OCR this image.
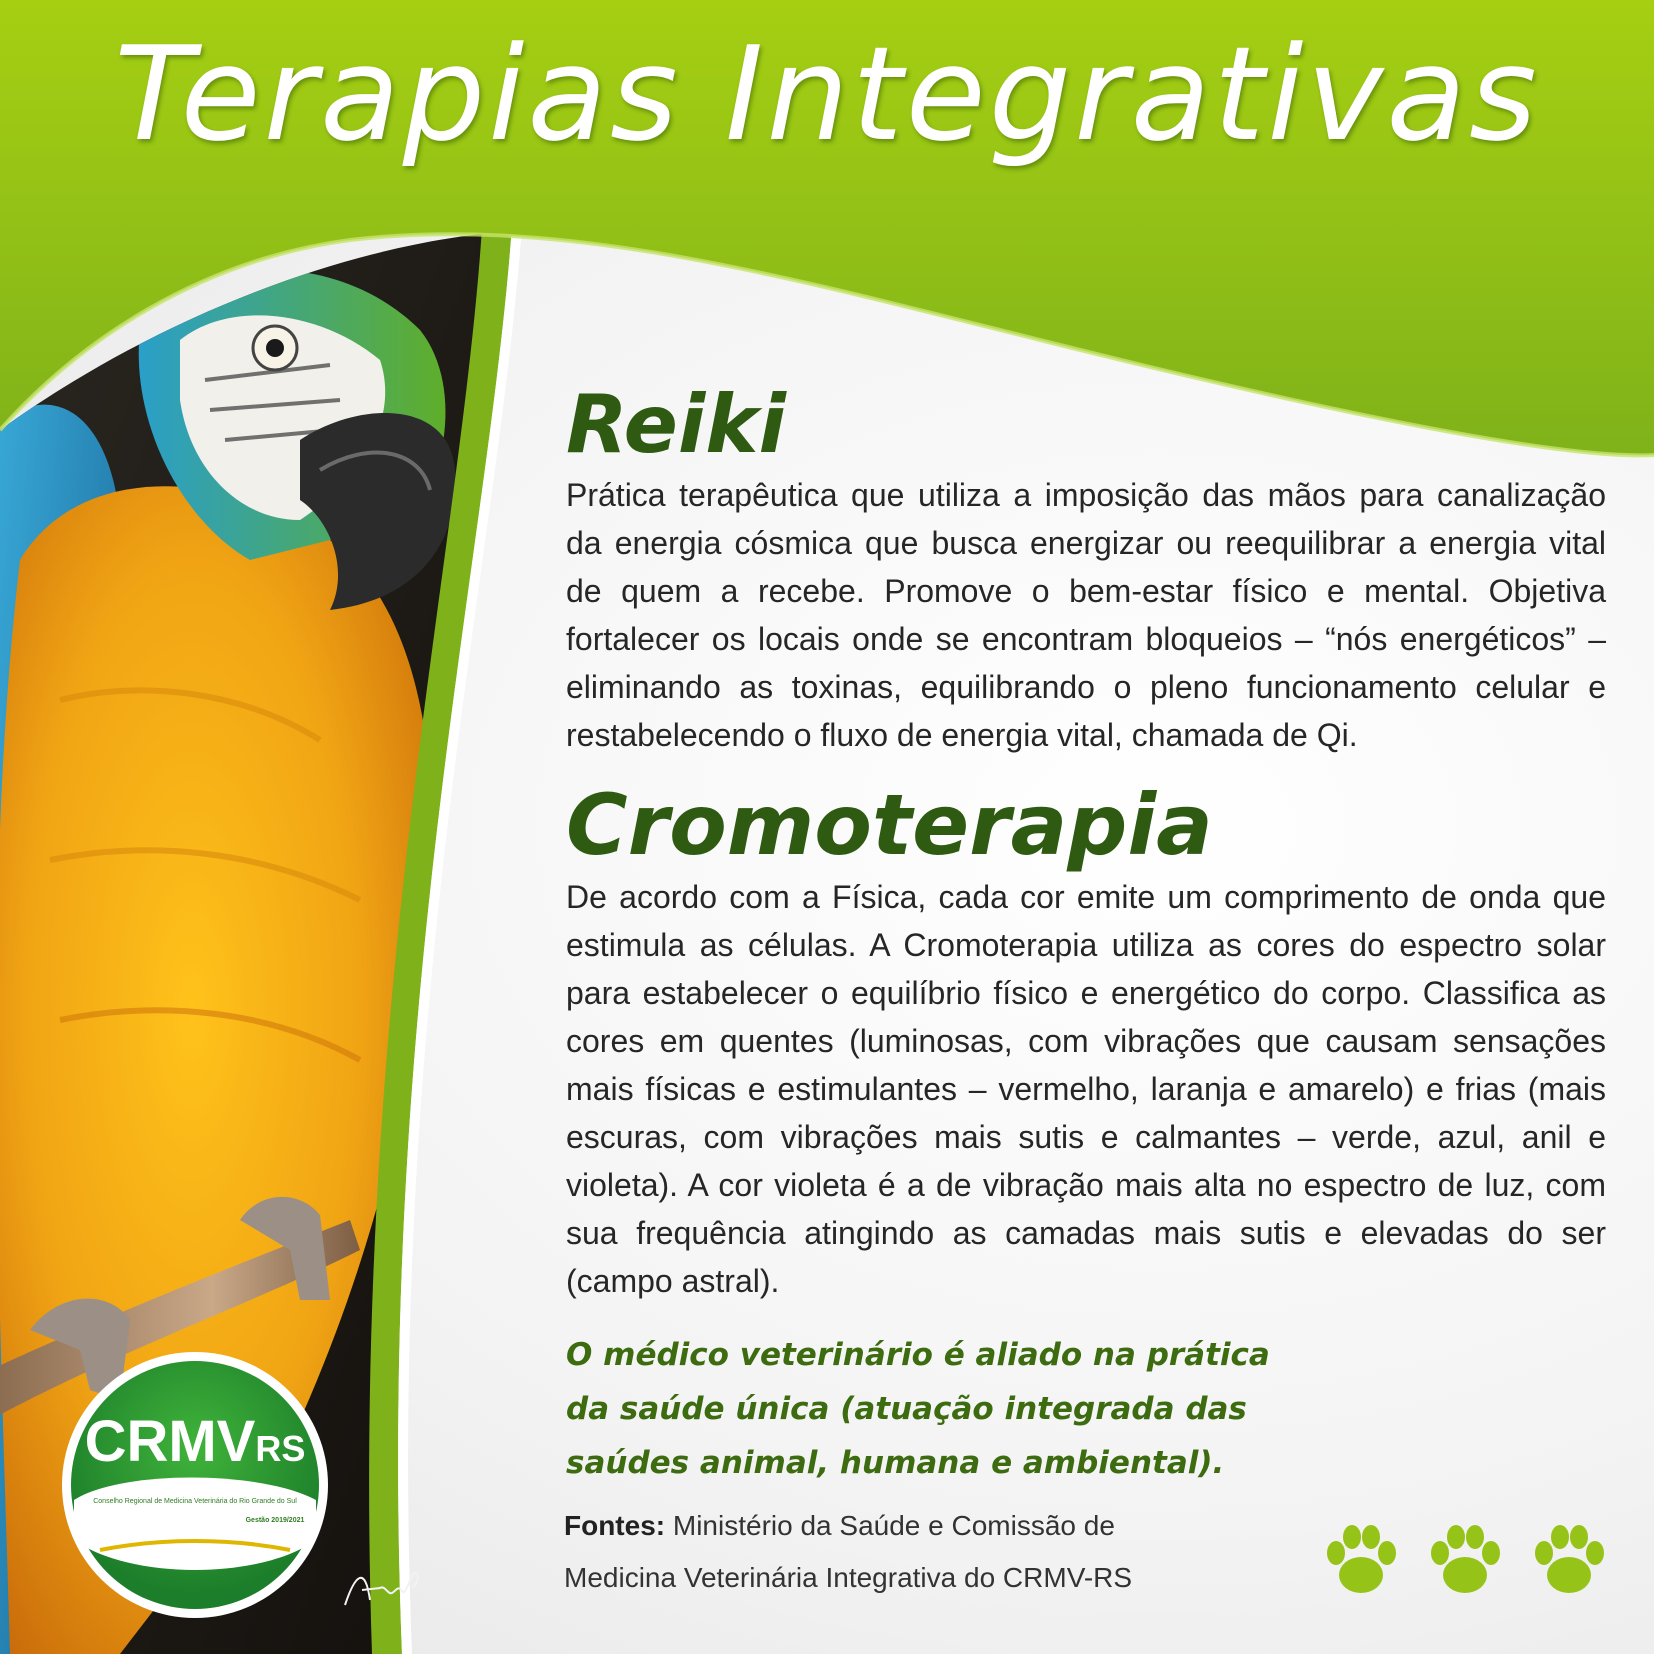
Terapias Integrativas
Reiki

Prática terapêutica que utiliza a imposição das mãos para canalização da energia cósmica que busca energizar ou reequilibrar a energia vital de quem a recebe. Promove o bem-estar físico e mental. Objetiva fortalecer os locais onde se encontram bloqueios – “nós energéticos” – eliminando as toxinas, equilibrando o pleno funcionamento celular e restabelecendo o fluxo de energia vital, chamada de Qi.

Cromoterapia

De acordo com a Física, cada cor emite um comprimento de onda que estimula as células. A Cromoterapia utiliza as cores do espectro solar para estabelecer o equilíbrio físico e energético do corpo. Classifica as cores em quentes (luminosas, com vibrações que causam sensações mais físicas e estimulantes – vermelho, laranja e amarelo) e frias (mais escuras, com vibrações mais sutis e calmantes – verde, azul, anil e violeta). A cor violeta é a de vibração mais alta no espectro de luz, com sua frequência atingindo as camadas mais sutis e elevadas do ser (campo astral).

O médico veterinário é aliado na prática da saúde única (atuação integrada das saúdes animal, humana e ambiental).

Fontes: Ministério da Saúde e Comissão de Medicina Veterinária Integrativa do CRMV-RS

CRMVRS
Conselho Regional de Medicina Veterinária do Rio Grande do Sul
Gestão 2019/2021
